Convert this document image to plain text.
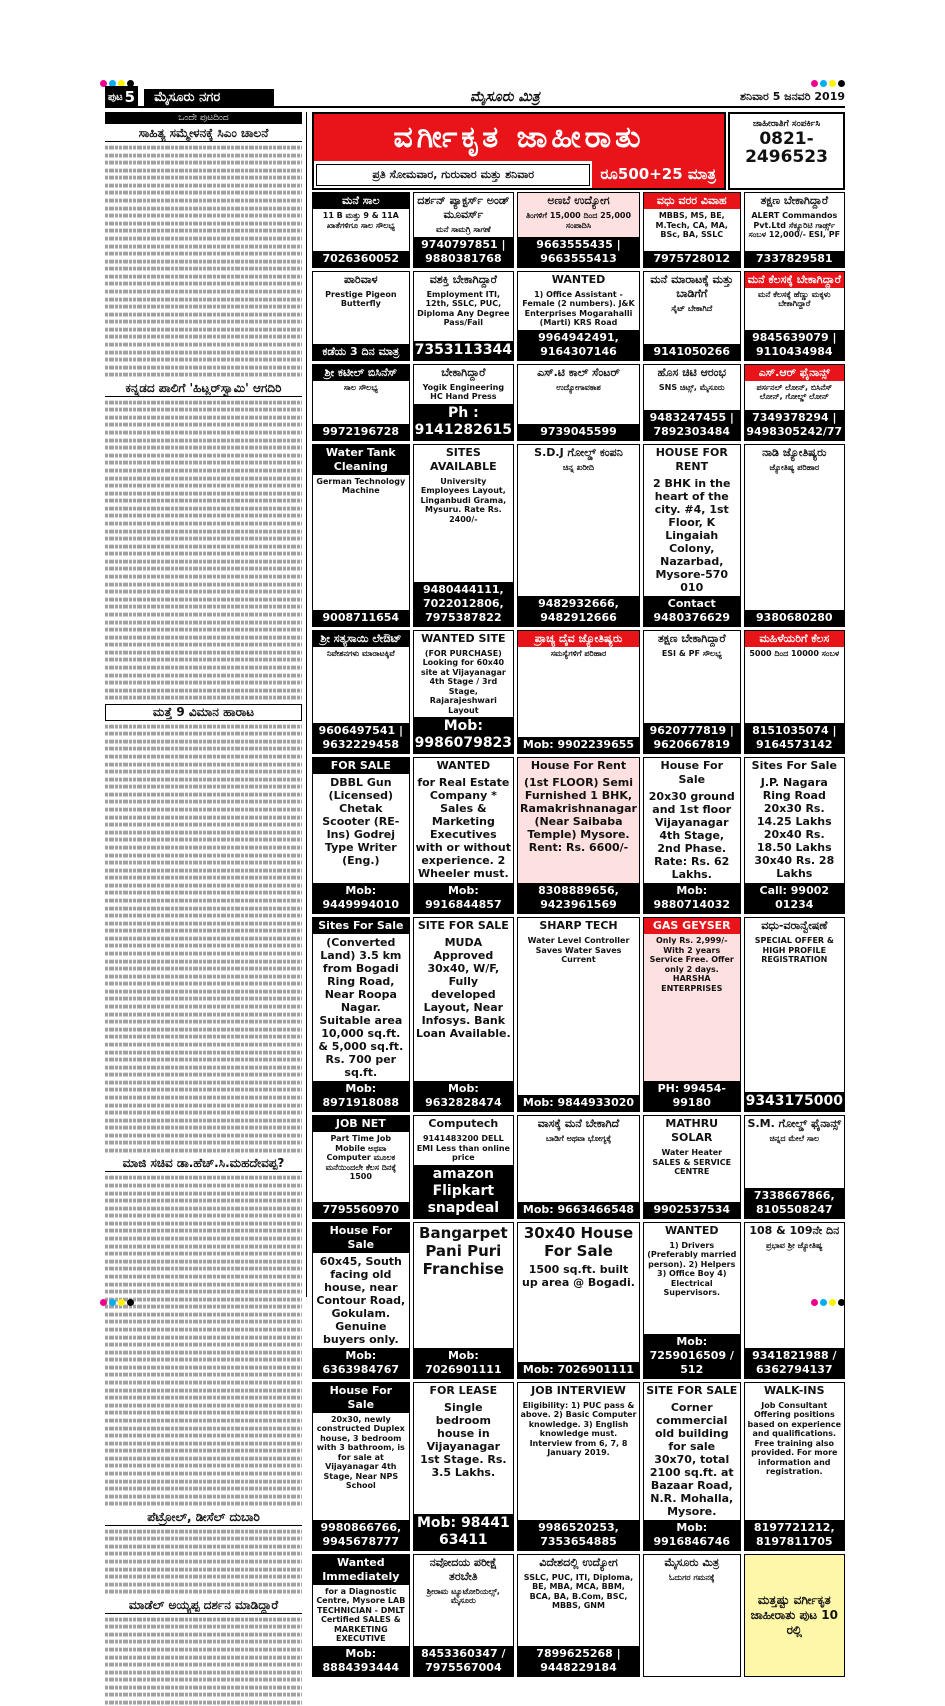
ಪುಟ 5	ಮೈಸೂರು ನಗರ	ಮೈಸೂರು ಮಿತ್ರ	ಶನಿವಾರ 5 ಜನವರಿ 2019
ಒಂದೇ ಪುಟದಿಂದ
ಸಾಹಿತ್ಯ ಸಮ್ಮೇಳನಕ್ಕೆ ಸಿಎಂ ಚಾಲನೆ
ಕನ್ನಡದ ಪಾಲಿಗೆ 'ಹಿಟ್ಲರ್‌ಸ್ವಾಮಿ' ಆಗದಿರಿ
ಮತ್ತೆ 9 ವಿಮಾನ ಹಾರಾಟ
ಮಾಜಿ ಸಚಿವ ಡಾ.ಹೆಚ್.ಸಿ.ಮಹದೇವಪ್ಪ?
ಪೆಟ್ರೋಲ್, ಡೀಸೆಲ್ ದುಬಾರಿ
ಮಾಡೆಲ್ ಅಯ್ಯಪ್ಪ ದರ್ಶನ ಮಾಡಿದ್ದಾರೆ
ವರ್ಗೀಕೃತ ಜಾಹೀರಾತು
ಪ್ರತಿ ಸೋಮವಾರ, ಗುರುವಾರ ಮತ್ತು ಶನಿವಾರ	ರೂ500+25 ಮಾತ್ರ
ಜಾಹೀರಾತಿಗೆ ಸಂಪರ್ಕಿಸಿ
0821-
2496523
ಮನೆ ಸಾಲ
11 B ಮತ್ತು 9 & 11A ಖಾತೆಗಳಿಗೂ ಸಾಲ ಸೌಲಭ್ಯ
7026360052
ದರ್ಶನ್ ಪ್ಯಾಕ್ಟರ್ಸ್ ಅಂಡ್ ಮೂವರ್ಸ್
ಮನೆ ಸಾಮಗ್ರಿ ಸಾಗಣೆ
9740797851 | 9880381768
ಅಣಬೆ ಉದ್ಯೋಗ
ತಿಂಗಳಿಗೆ 15,000 ದಿಂದ 25,000 ಸಂಪಾದಿಸಿ
9663555435 | 9663555413
ವಧು ವರರ ವಿವಾಹ
MBBS, MS, BE, M.Tech, CA, MA, BSc, BA, SSLC
7975728012
ತಕ್ಷಣ ಬೇಕಾಗಿದ್ದಾರೆ
ALERT Commandos Pvt.Ltd ಸೆಕ್ಯೂರಿಟಿ ಗಾರ್ಡ್ಸ್ ಸಂಬಳ 12,000/- ESI, PF
7337829581
ಪಾರಿವಾಳ
Prestige Pigeon Butterfly
ಕಡೆಯ 3 ದಿನ ಮಾತ್ರ
ವಶಕ್ತಿ ಬೇಕಾಗಿದ್ದಾರೆ
Employment ITI, 12th, SSLC, PUC, Diploma Any Degree Pass/Fail
7353113344
WANTED
1) Office Assistant - Female (2 numbers). J&K Enterprises Mogarahalli (Marti) KRS Road
9964942491, 9164307146
ಮನೆ ಮಾರಾಟಕ್ಕೆ ಮತ್ತು ಬಾಡಿಗೆಗೆ
ಸೈಟ್ ಬೇಕಾಗಿದೆ
9141050266
ಮನೆ ಕೆಲಸಕ್ಕೆ ಬೇಕಾಗಿದ್ದಾರೆ
ಮನೆ ಕೆಲಸಕ್ಕೆ ಹೆಣ್ಣು ಮಕ್ಕಳು ಬೇಕಾಗಿದ್ದಾರೆ
9845639079 | 9110434984
ಶ್ರೀ ಕಟೀಲ್ ಬಿಸಿನೆಸ್
ಸಾಲ ಸೌಲಭ್ಯ
9972196728
ಬೇಕಾಗಿದ್ದಾರೆ
Yogik Engineering HC Hand Press
Ph : 9141282615
ಎಸ್.ಟಿ ಕಾಲ್ ಸೆಂಟರ್
ಉದ್ಯೋಗಾವಕಾಶ
9739045599
ಹೊಸ ಚಿಟಿ ಆರಂಭ
SNS ಚಿಟ್ಸ್, ಮೈಸೂರು
9483247455 | 7892303484
ಎಸ್.ಆರ್ ಫೈನಾನ್ಸ್
ಪರ್ಸನಲ್ ಲೋನ್, ಬಿಸಿನೆಸ್ ಲೋನ್, ಗೋಲ್ಡ್ ಲೋನ್
7349378294 | 9498305242/77
Water Tank Cleaning
German Technology Machine
9008711654
SITES AVAILABLE
University Employees Layout, Linganbudi Grama, Mysuru. Rate Rs. 2400/-
9480444111, 7022012806, 7975387822
S.D.J ಗೋಲ್ಡ್ ಕಂಪನಿ
ಚಿನ್ನ ಖರೀದಿ
9482932666, 9482912666
HOUSE FOR RENT
2 BHK in the heart of the city. #4, 1st Floor, K Lingaiah Colony, Nazarbad, Mysore-570 010
Contact 9480376629
ನಾಡಿ ಜ್ಯೋತಿಷ್ಯರು
ಜ್ಯೋತಿಷ್ಯ ಪರಿಹಾರ
9380680280
ಶ್ರೀ ಸತ್ಯಸಾಯಿ ಲೇಔಟ್
ನಿವೇಶನಗಳು ಮಾರಾಟಕ್ಕಿವೆ
9606497541 | 9632229458
WANTED SITE
(FOR PURCHASE) Looking for 60x40 site at Vijayanagar 4th Stage / 3rd Stage, Rajarajeshwari Layout
Mob: 9986079823
ಪ್ರಾಚ್ಯ ದೈವ ಜ್ಯೋತಿಷ್ಯರು
ಸಮಸ್ಯೆಗಳಿಗೆ ಪರಿಹಾರ
Mob: 9902239655
ತಕ್ಷಣ ಬೇಕಾಗಿದ್ದಾರೆ
ESI & PF ಸೌಲಭ್ಯ
9620777819 | 9620667819
ಮಹಿಳೆಯರಿಗೆ ಕೆಲಸ
5000 ದಿಂದ 10000 ಸಂಬಳ
8151035074 | 9164573142
FOR SALE
DBBL Gun (Licensed) Chetak Scooter (RE-Ins) Godrej Type Writer (Eng.)
Mob: 9449994010
WANTED
for Real Estate Company * Sales & Marketing Executives with or without experience. 2 Wheeler must.
Mob: 9916844857
House For Rent
(1st FLOOR) Semi Furnished 1 BHK, Ramakrishnanagar (Near Saibaba Temple) Mysore. Rent: Rs. 6600/-
8308889656, 9423961569
House For Sale
20x30 ground and 1st floor Vijayanagar 4th Stage, 2nd Phase. Rate: Rs. 62 Lakhs.
Mob: 9880714032
Sites For Sale
J.P. Nagara Ring Road 20x30 Rs. 14.25 Lakhs 20x40 Rs. 18.50 Lakhs 30x40 Rs. 28 Lakhs
Call: 99002 01234
Sites For Sale
(Converted Land) 3.5 km from Bogadi Ring Road, Near Roopa Nagar. Suitable area 10,000 sq.ft. & 5,000 sq.ft. Rs. 700 per sq.ft.
Mob: 8971918088
SITE FOR SALE
MUDA Approved 30x40, W/F, Fully developed Layout, Near Infosys. Bank Loan Available.
Mob: 9632828474
SHARP TECH
Water Level Controller Saves Water Saves Current
Mob: 9844933020
GAS GEYSER
Only Rs. 2,999/- With 2 years Service Free. Offer only 2 days. HARSHA ENTERPRISES
PH: 99454-99180
ವಧು-ವರಾನ್ವೇಷಣೆ
SPECIAL OFFER & HIGH PROFILE REGISTRATION
9343175000
JOB NET
Part Time Job Mobile ಅಥವಾ Computer ಮೂಲಕ ಮನೆಯಿಂದಲೇ ಕೆಲಸ ದಿನಕ್ಕೆ 1500
7795560970
Computech
9141483200 DELL EMI Less than online price
amazon Flipkart snapdeal
ವಾಸಕ್ಕೆ ಮನೆ ಬೇಕಾಗಿದೆ
ಬಾಡಿಗೆ ಅಥವಾ ಭೋಗ್ಯಕ್ಕೆ
Mob: 9663466548
MATHRU SOLAR
Water Heater SALES & SERVICE CENTRE
9902537534
S.M. ಗೋಲ್ಡ್ ಫೈನಾನ್ಸ್
ಚಿನ್ನದ ಮೇಲೆ ಸಾಲ
7338667866, 8105508247
House For Sale
60x45, South facing old house, near Contour Road, Gokulam. Genuine buyers only.
Mob: 6363984767
Bangarpet Pani Puri Franchise
Mob: 7026901111
30x40 House For Sale
1500 sq.ft. built up area @ Bogadi.
Mob: 7026901111
WANTED
1) Drivers (Preferably married person). 2) Helpers 3) Office Boy 4) Electrical Supervisors.
Mob: 7259016509 / 512
108 & 109ನೇ ದಿನ
ಪ್ರಭಾವ ಶ್ರೀ ಜ್ಯೋತಿಷ್ಯ
9341821988 / 6362794137
House For Sale
20x30, newly constructed Duplex house, 3 bedroom with 3 bathroom, is for sale at Vijayanagar 4th Stage, Near NPS School
9980866766, 9945678777
FOR LEASE
Single bedroom house in Vijayanagar 1st Stage. Rs. 3.5 Lakhs.
Mob: 98441 63411
JOB INTERVIEW
Eligibility: 1) PUC pass & above. 2) Basic Computer knowledge. 3) English knowledge must. Interview from 6, 7, 8 January 2019.
9986520253, 7353654885
SITE FOR SALE
Corner commercial old building for sale 30x70, total 2100 sq.ft. at Bazaar Road, N.R. Mohalla, Mysore.
Mob: 9916846746
WALK-INS
Job Consultant Offering positions based on experience and qualifications. Free training also provided. For more information and registration.
8197721212, 8197811705
Wanted Immediately
for a Diagnostic Centre, Mysore LAB TECHNICIAN - DMLT Certified SALES & MARKETING EXECUTIVE
Mob: 8884393444
ನವೋದಯ ಪರೀಕ್ಷೆ ತರಬೇತಿ
ಶ್ರೀರಾಮ ಟ್ಯೂಟೋರಿಯಲ್ಸ್, ಮೈಸೂರು
8453360347 / 7975567004
ವಿದೇಶದಲ್ಲಿ ಉದ್ಯೋಗ
SSLC, PUC, ITI, Diploma, BE, MBA, MCA, BBM, BCA, BA, B.Com, BSC, MBBS, GNM
7899625268 | 9448229184
ಮೈಸೂರು ಮಿತ್ರ
ಓದುಗರ ಗಮನಕ್ಕೆ
ಮತ್ತಷ್ಟು ವರ್ಗೀಕೃತ ಜಾಹೀರಾತು ಪುಟ 10 ರಲ್ಲಿ
